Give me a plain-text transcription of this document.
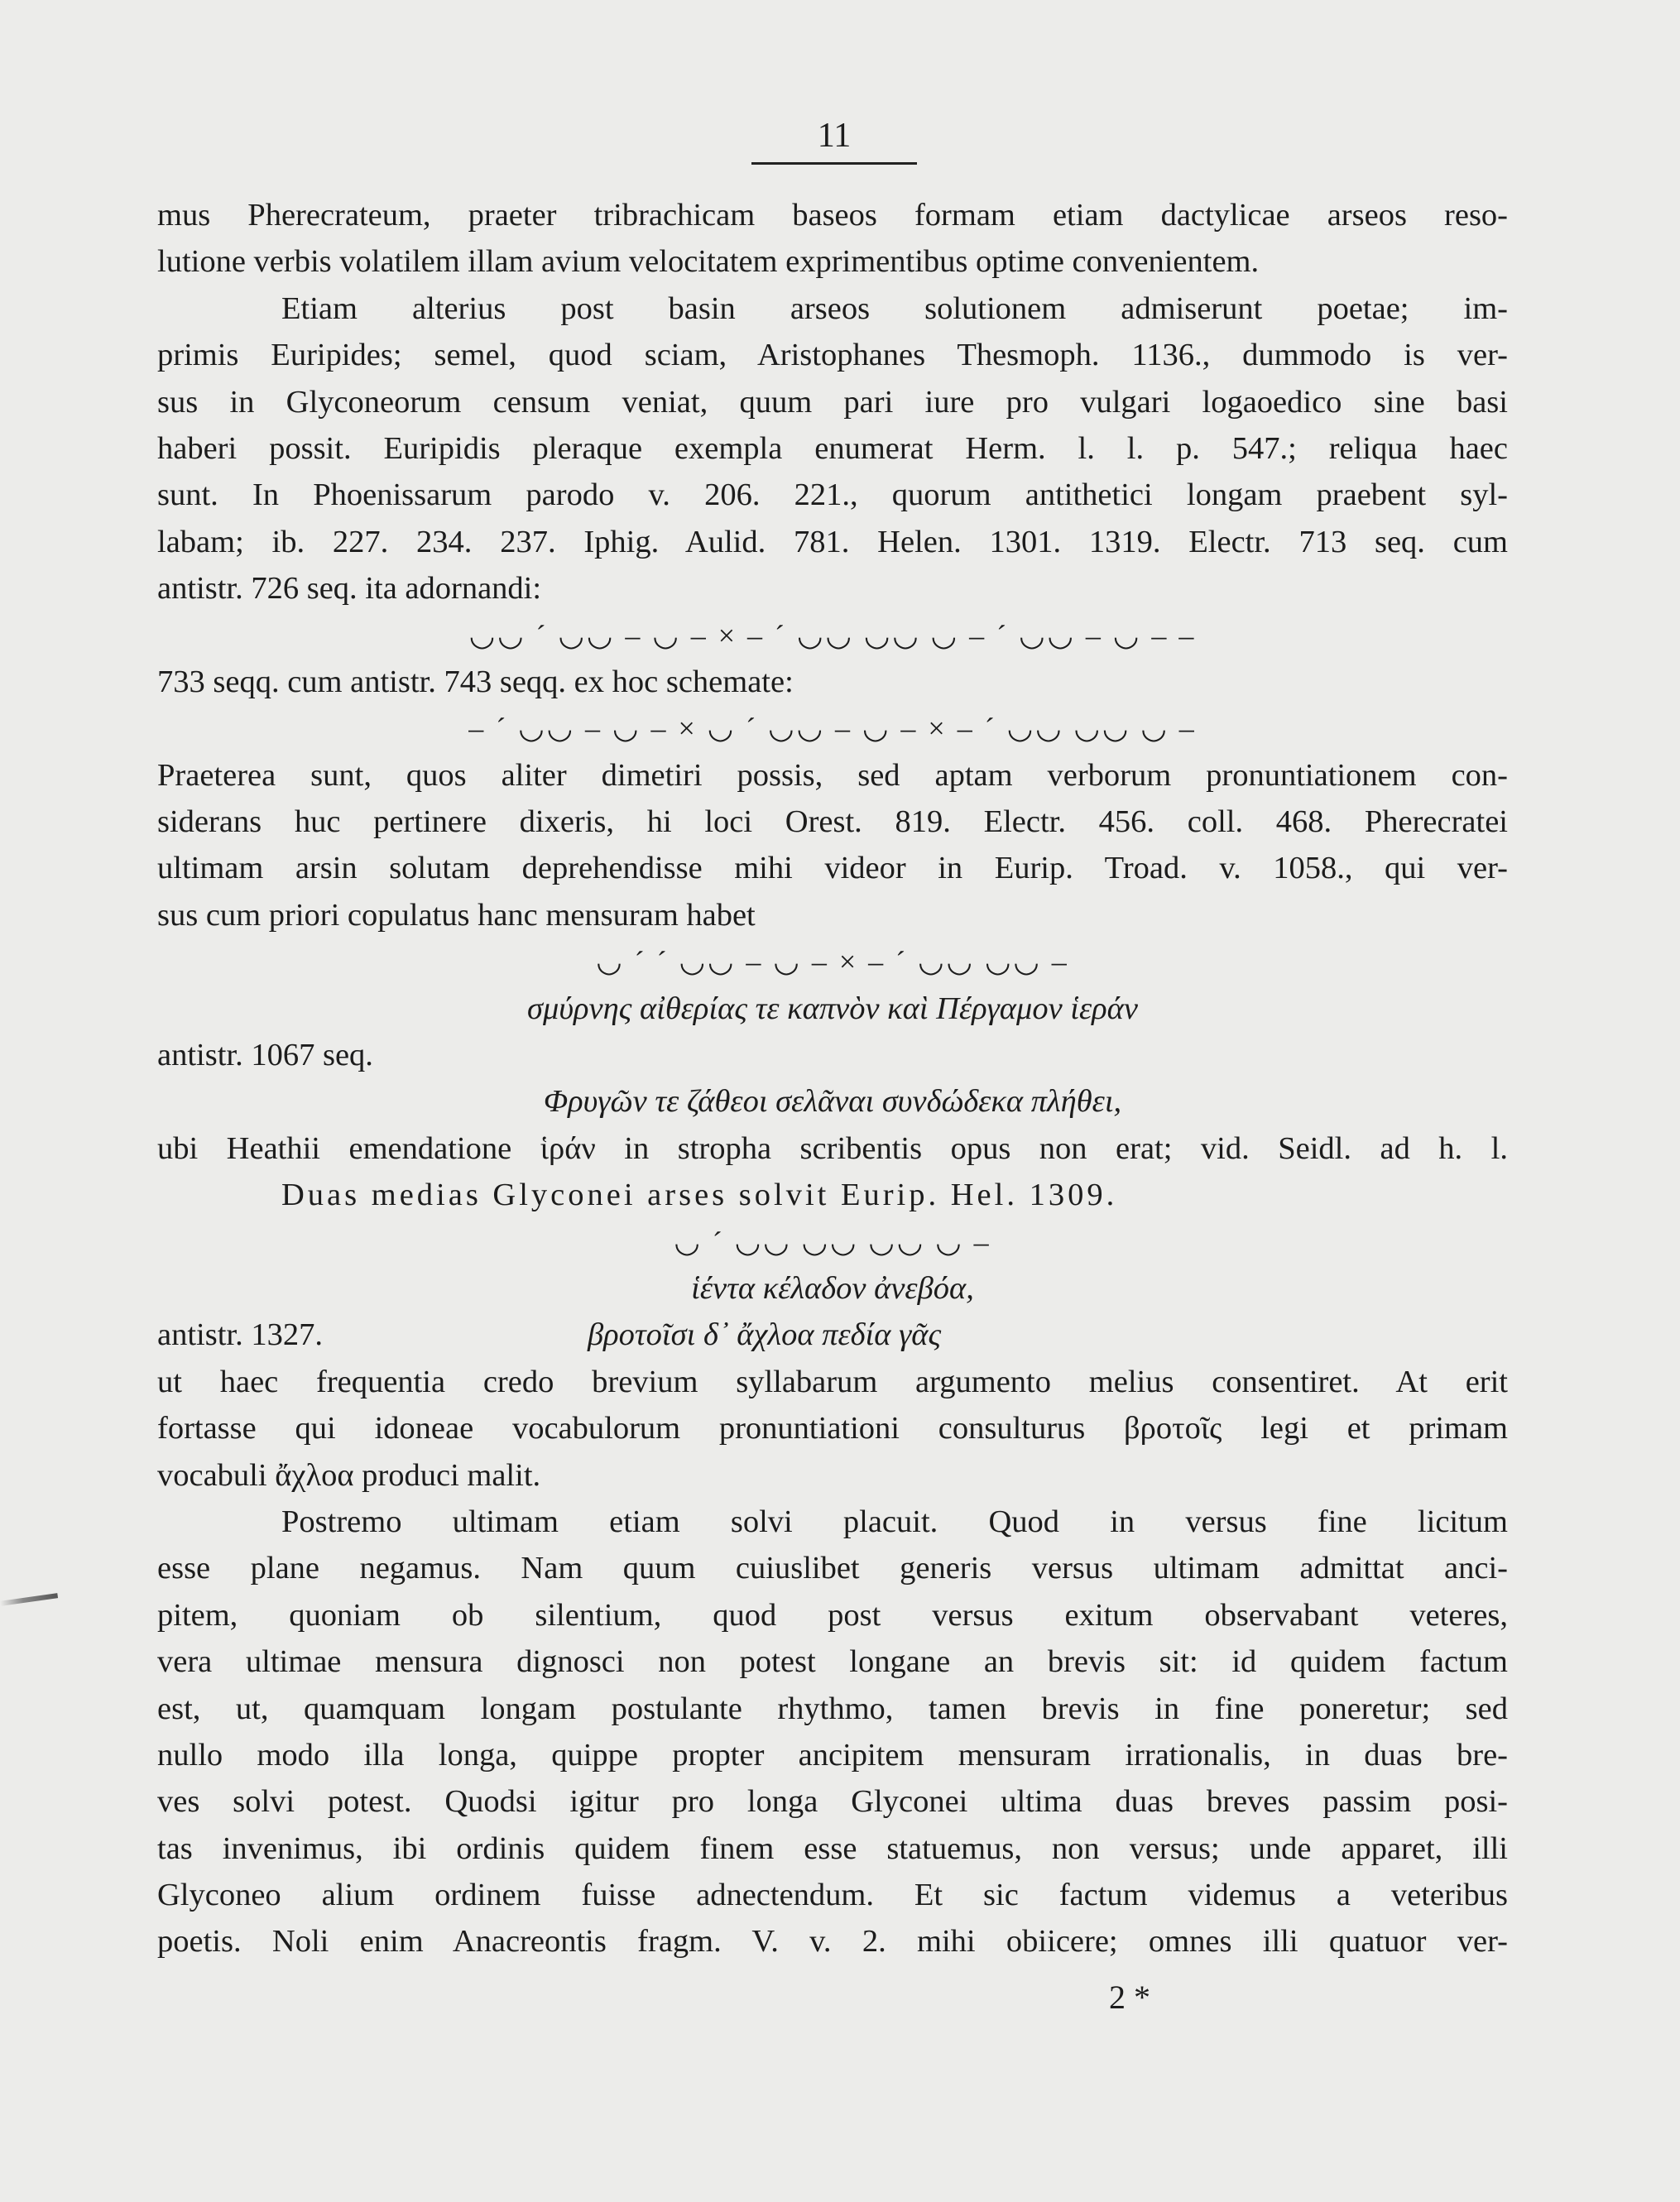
11
mus Pherecrateum, praeter tribrachicam baseos formam etiam dactylicae arseos reso-
lutione verbis volatilem illam avium velocitatem exprimentibus optime convenientem.
Etiam alterius post basin arseos solutionem admiserunt poetae; im-
primis Euripides; semel, quod sciam, Aristophanes Thesmoph. 1136., dummodo is ver-
sus in Glyconeorum censum veniat, quum pari iure pro vulgari logaoedico sine basi
haberi possit. Euripidis pleraque exempla enumerat Herm. l. l. p. 547.; reliqua haec
sunt. In Phoenissarum parodo v. 206. 221., quorum antithetici longam praebent syl-
labam; ib. 227. 234. 237. Iphig. Aulid. 781. Helen. 1301. 1319. Electr. 713 seq. cum
antistr. 726 seq. ita adornandi:
◡◡ ´ ◡◡ – ◡ – × – ´ ◡◡ ◡◡ ◡ – ´ ◡◡ – ◡ – –
733 seqq. cum antistr. 743 seqq. ex hoc schemate:
– ´ ◡◡ – ◡ – × ◡ ´ ◡◡ – ◡ – × – ´ ◡◡ ◡◡ ◡ –
Praeterea sunt, quos aliter dimetiri possis, sed aptam verborum pronuntiationem con-
siderans huc pertinere dixeris, hi loci Orest. 819. Electr. 456. coll. 468. Pherecratei
ultimam arsin solutam deprehendisse mihi videor in Eurip. Troad. v. 1058., qui ver-
sus cum priori copulatus hanc mensuram habet
◡ ´ ´ ◡◡ – ◡ – × – ´ ◡◡ ◡◡ –
σμύρνης αἰθερίας τε καπνὸν καὶ Πέργαμον ἱεράν
antistr. 1067 seq.
Φρυγῶν τε ζάθεοι σελᾶναι συνδώδεκα πλήθει,
ubi Heathii emendatione ἱράν in stropha scribentis opus non erat; vid. Seidl. ad h. l.
Duas medias Glyconei arses solvit Eurip. Hel. 1309.
◡ ´ ◡◡ ◡◡ ◡◡ ◡ –
ἱέντα κέλαδον ἀνεβόα,
antistr. 1327.	βροτοῖσι δ᾽ ἄχλοα πεδία γᾶς
ut haec frequentia credo brevium syllabarum argumento melius consentiret. At erit
fortasse qui idoneae vocabulorum pronuntiationi consulturus βροτοῖς legi et primam
vocabuli ἄχλοα produci malit.
Postremo ultimam etiam solvi placuit. Quod in versus fine licitum
esse plane negamus. Nam quum cuiuslibet generis versus ultimam admittat anci-
pitem, quoniam ob silentium, quod post versus exitum observabant veteres,
vera ultimae mensura dignosci non potest longane an brevis sit: id quidem factum
est, ut, quamquam longam postulante rhythmo, tamen brevis in fine poneretur; sed
nullo modo illa longa, quippe propter ancipitem mensuram irrationalis, in duas bre-
ves solvi potest. Quodsi igitur pro longa Glyconei ultima duas breves passim posi-
tas invenimus, ibi ordinis quidem finem esse statuemus, non versus; unde apparet, illi
Glyconeo alium ordinem fuisse adnectendum. Et sic factum videmus a veteribus
poetis. Noli enim Anacreontis fragm. V. v. 2. mihi obiicere; omnes illi quatuor ver-
2 *
